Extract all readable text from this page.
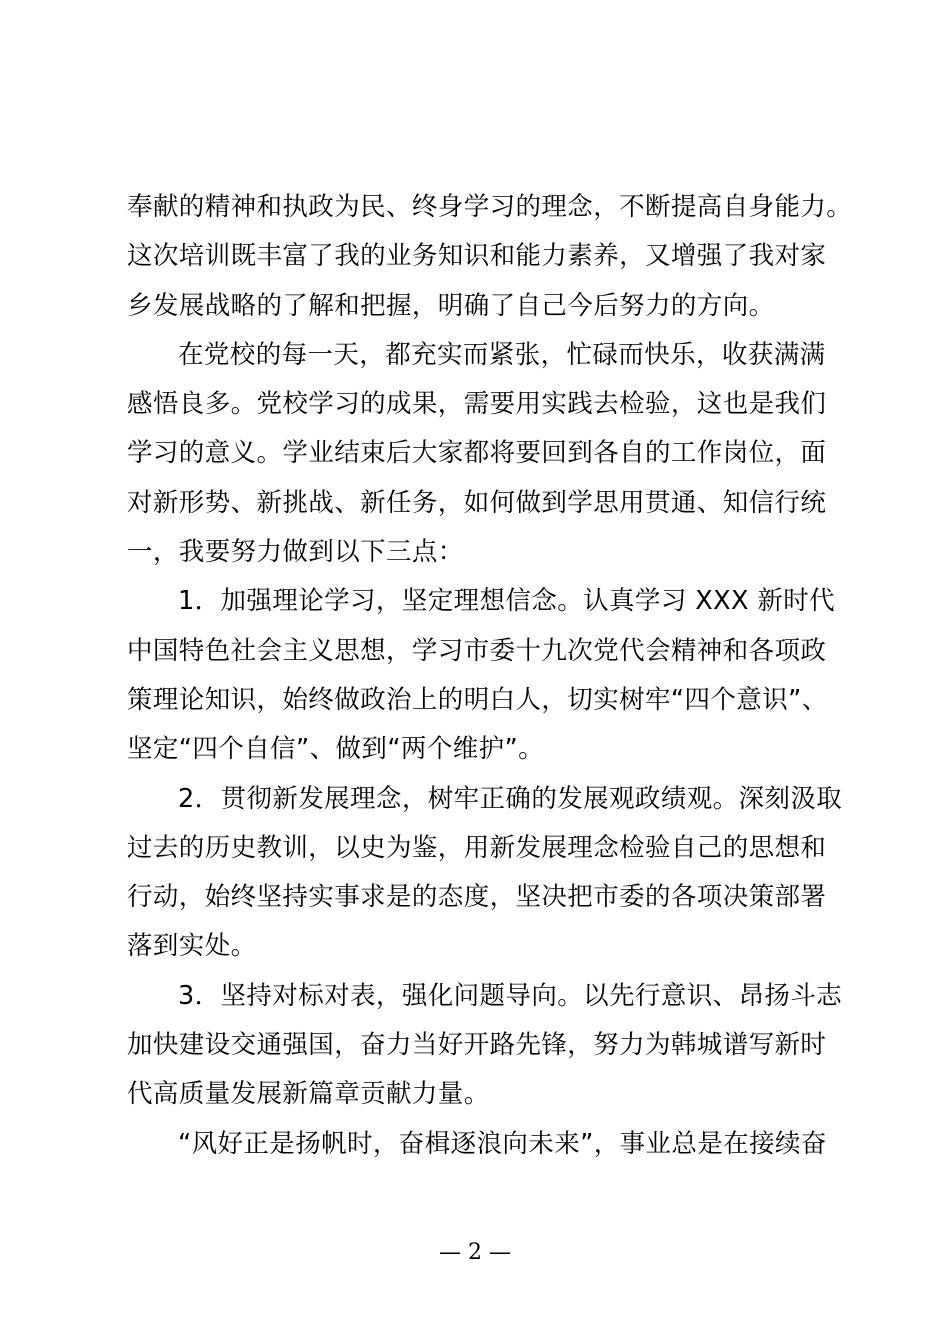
奉献的精神和执政为民、终身学习的理念，不断提高自身能力。
这次培训既丰富了我的业务知识和能力素养，又增强了我对家
乡发展战略的了解和把握，明确了自己今后努力的方向。
在党校的每一天，都充实而紧张，忙碌而快乐，收获满满
感悟良多。党校学习的成果，需要用实践去检验，这也是我们
学习的意义。学业结束后大家都将要回到各自的工作岗位，面
对新形势、新挑战、新任务，如何做到学思用贯通、知信行统
一，我要努力做到以下三点：
1．加强理论学习，坚定理想信念。认真学习 XXX 新时代
中国特色社会主义思想，学习市委十九次党代会精神和各项政
策理论知识，始终做政治上的明白人，切实树牢“四个意识”、
坚定“四个自信”、做到“两个维护”。
2．贯彻新发展理念，树牢正确的发展观政绩观。深刻汲取
过去的历史教训，以史为鉴，用新发展理念检验自己的思想和
行动，始终坚持实事求是的态度，坚决把市委的各项决策部署
落到实处。
3．坚持对标对表，强化问题导向。以先行意识、昂扬斗志
加快建设交通强国，奋力当好开路先锋，努力为韩城谱写新时
代高质量发展新篇章贡献力量。
“风好正是扬帆时，奋楫逐浪向未来”，事业总是在接续奋
— 2 —
